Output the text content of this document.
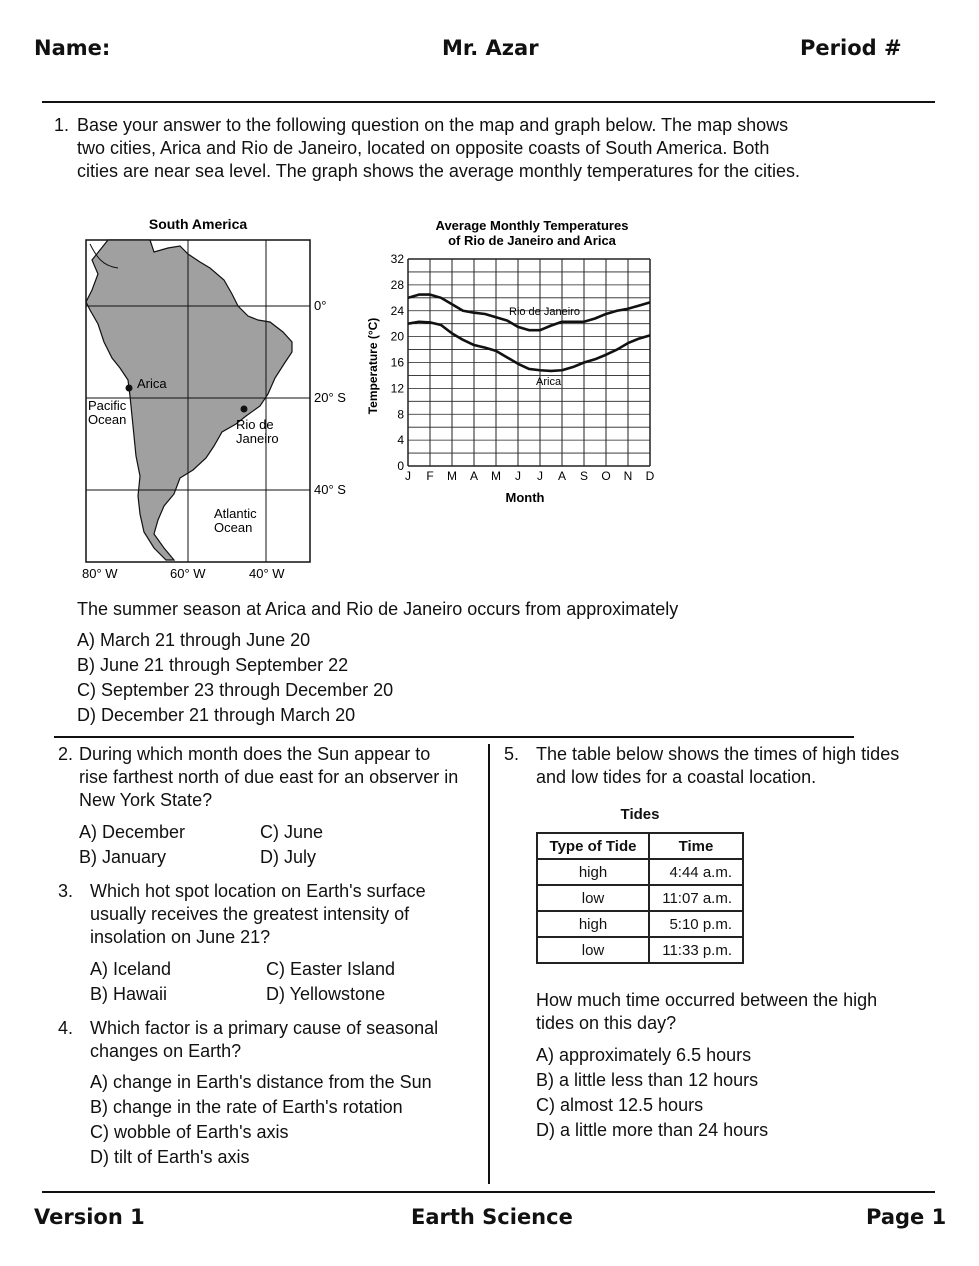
Name:	Mr. Azar	Period #
1. Base your answer to the following question on the map and graph below. The map shows
two cities, Arica and Rio de Janeiro, located on opposite coasts of South America. Both
cities are near sea level. The graph shows the average monthly temperatures for the cities.
South America
0°
20° S
40° S
80° W	60° W	40° W
Arica
Rio de
Janeiro
Pacific
Ocean
Atlantic
Ocean
Average Monthly Temperatures
of Rio de Janeiro and Arica
Month
Temperature (°C)
0
4
8
12
16
20
24
28
32
J F M A M J J A S O N D
Rio de Janeiro
Arica
The summer season at Arica and Rio de Janeiro occurs from approximately
A) March 21 through June 20
B) June 21 through September 22
C) September 23 through December 20
D) December 21 through March 20
2. During which month does the Sun appear to
rise farthest north of due east for an observer in
New York State?
A) December	C) June
B) January	D) July
3. Which hot spot location on Earth's surface
usually receives the greatest intensity of
insolation on June 21?
A) Iceland	C) Easter Island
B) Hawaii	D) Yellowstone
4. Which factor is a primary cause of seasonal
changes on Earth?
A) change in Earth's distance from the Sun
B) change in the rate of Earth's rotation
C) wobble of Earth's axis
D) tilt of Earth's axis
5. The table below shows the times of high tides
and low tides for a coastal location.
Tides
Type of Tide	Time
high	4:44 a.m.
low	11:07 a.m.
high	5:10 p.m.
low	11:33 p.m.
How much time occurred between the high
tides on this day?
A) approximately 6.5 hours
B) a little less than 12 hours
C) almost 12.5 hours
D) a little more than 24 hours
Version 1	Earth Science	Page 1
